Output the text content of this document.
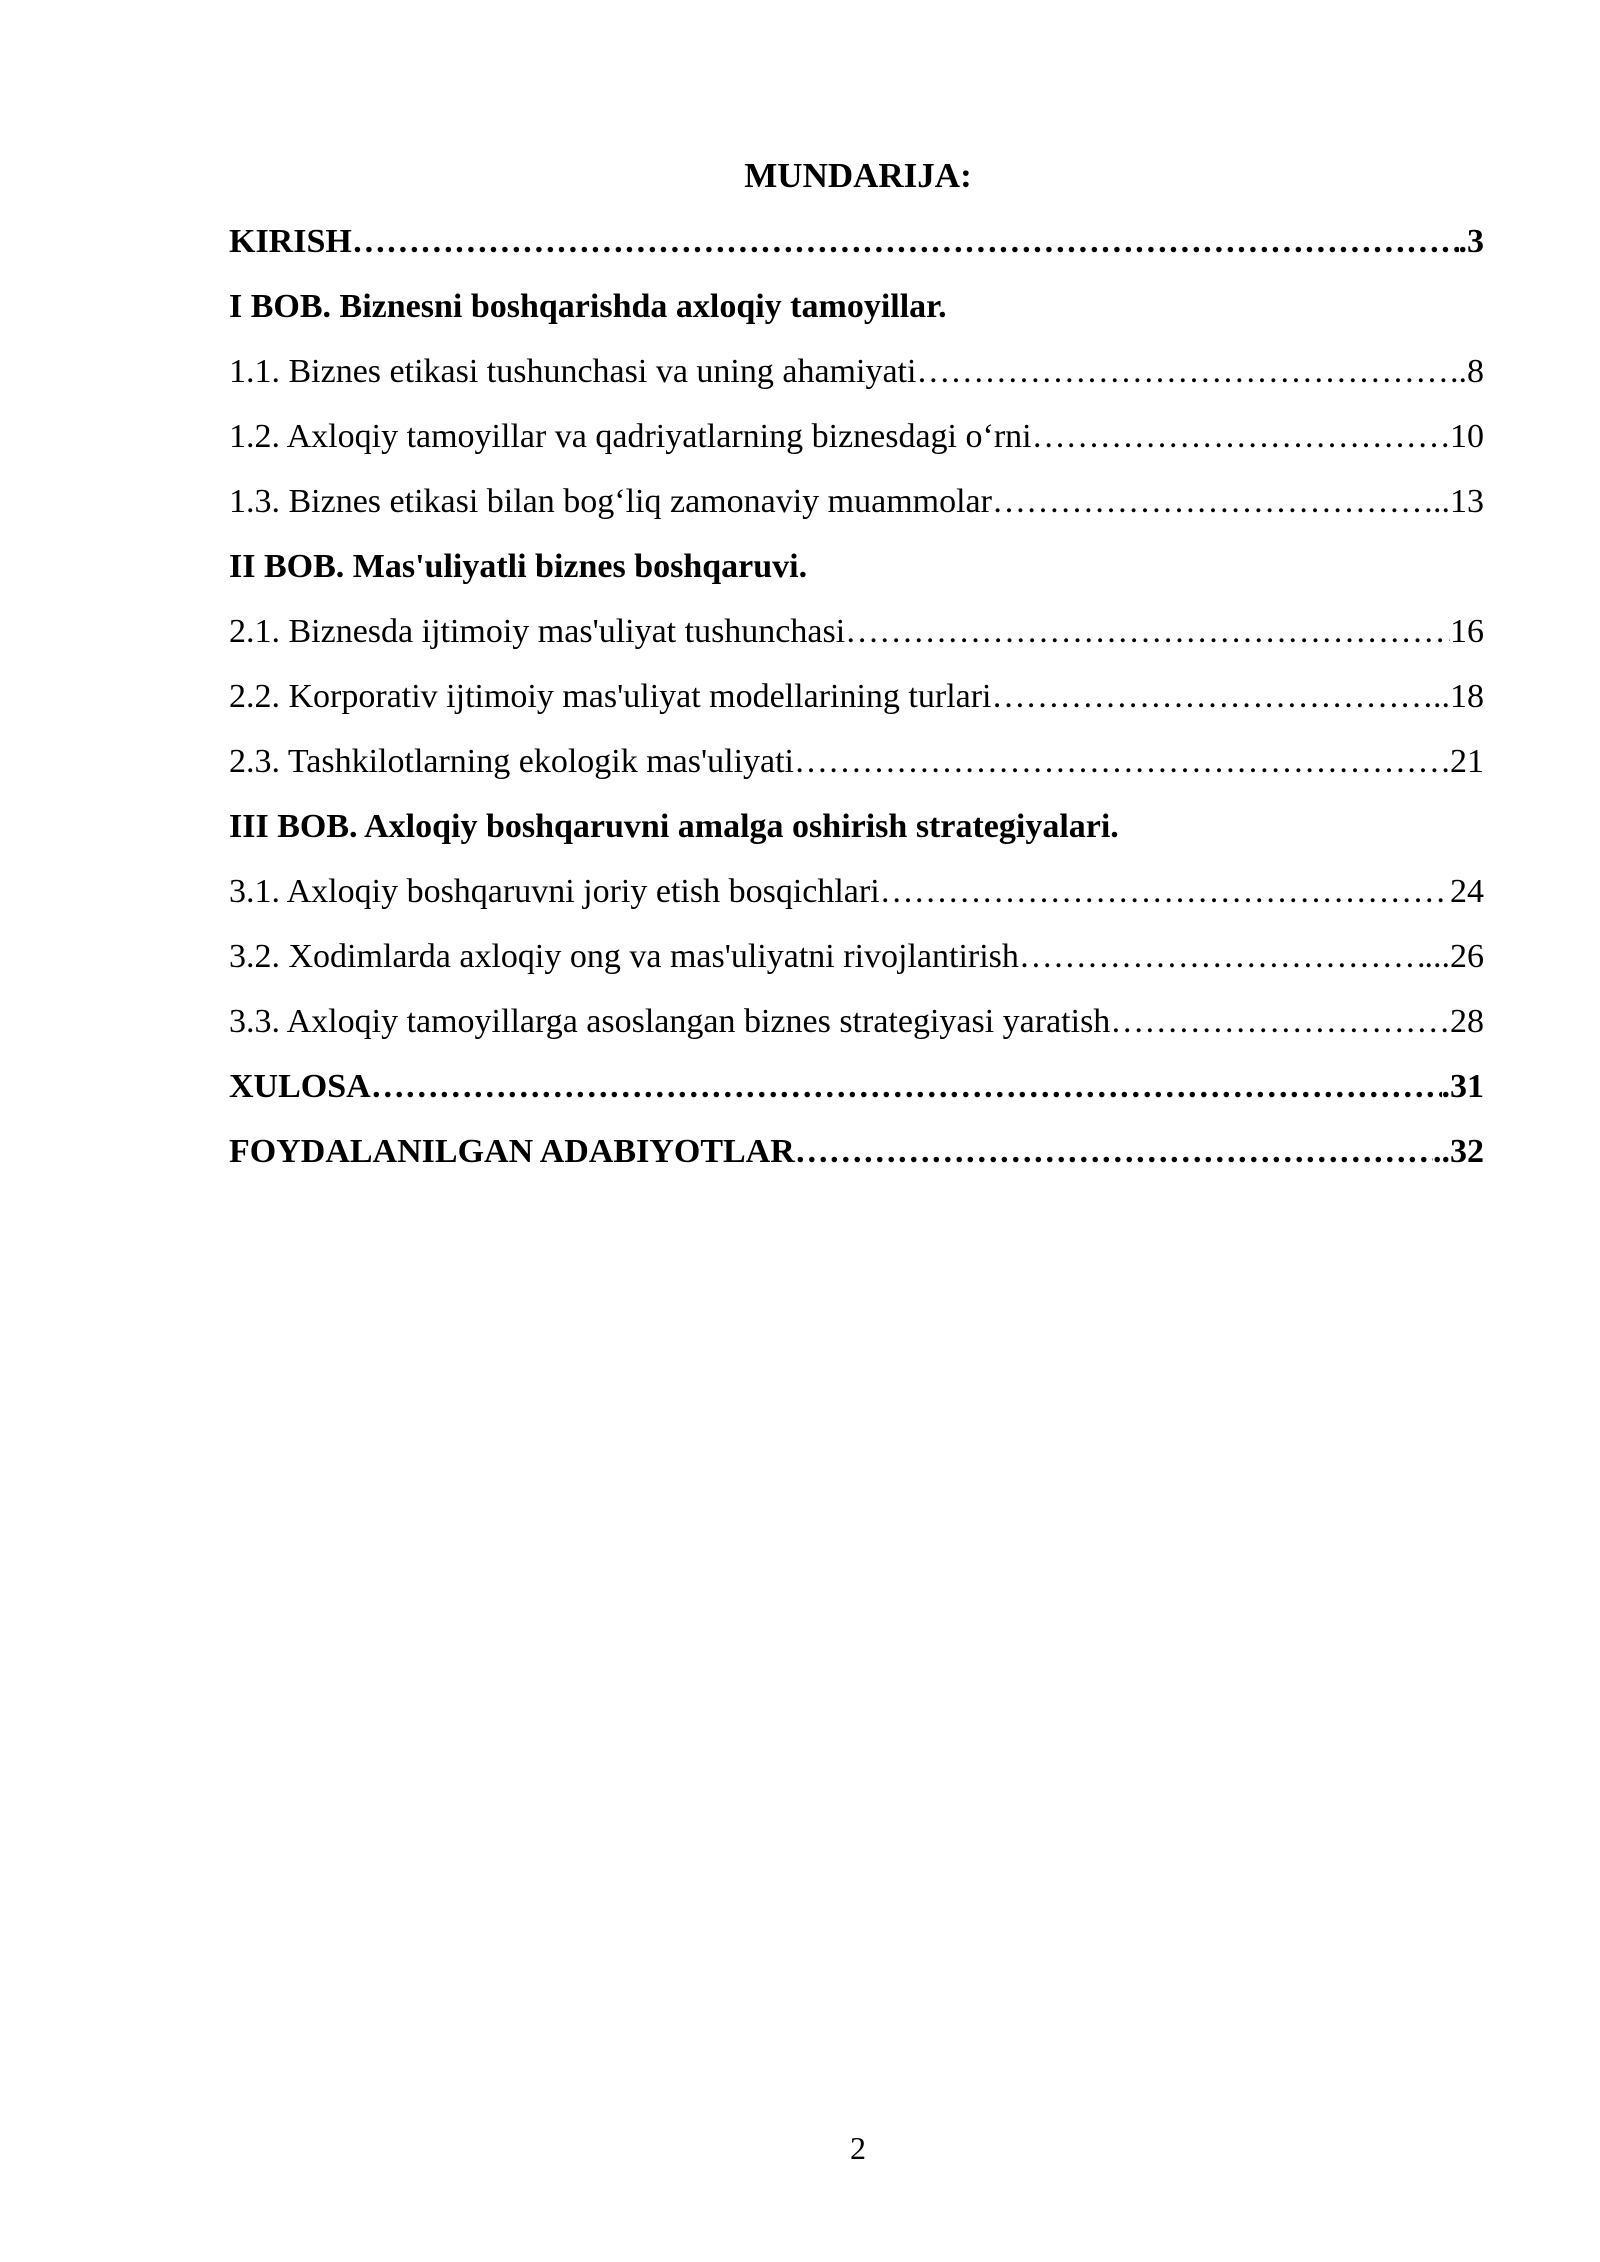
MUNDARIJA:
KIRISH ……………………………………………………………………………………………………………………………………………………………	.3
I BOB. Biznesni boshqarishda axloqiy tamoyillar.
1.1. Biznes etikasi tushunchasi va uning ahamiyati ……………………………………………………………………………………………………………………………………………………………	..8
1.2. Axloqiy tamoyillar va qadriyatlarning biznesdagi o‘rni ……………………………………………………………………………………………………………………………………………………………	10
1.3. Biznes etikasi bilan bog‘liq zamonaviy muammolar ……………………………………………………………………………………………………………………………………………………………	..13
II BOB. Mas'uliyatli biznes boshqaruvi.
2.1. Biznesda ijtimoiy mas'uliyat tushunchasi ……………………………………………………………………………………………………………………………………………………………	16
2.2. Korporativ ijtimoiy mas'uliyat modellarining turlari ……………………………………………………………………………………………………………………………………………………………	..18
2.3. Tashkilotlarning ekologik mas'uliyati ……………………………………………………………………………………………………………………………………………………………	21
III BOB. Axloqiy boshqaruvni amalga oshirish strategiyalari.
3.1. Axloqiy boshqaruvni joriy etish bosqichlari ……………………………………………………………………………………………………………………………………………………………	24
3.2. Xodimlarda axloqiy ong va mas'uliyatni rivojlantirish ……………………………………………………………………………………………………………………………………………………………	...26
3.3. Axloqiy tamoyillarga asoslangan biznes strategiyasi yaratish ……………………………………………………………………………………………………………………………………………………………	28
XULOSA ……………………………………………………………………………………………………………………………………………………………	.31
FOYDALANILGAN ADABIYOTLAR ……………………………………………………………………………………………………………………………………………………………	..32
2
